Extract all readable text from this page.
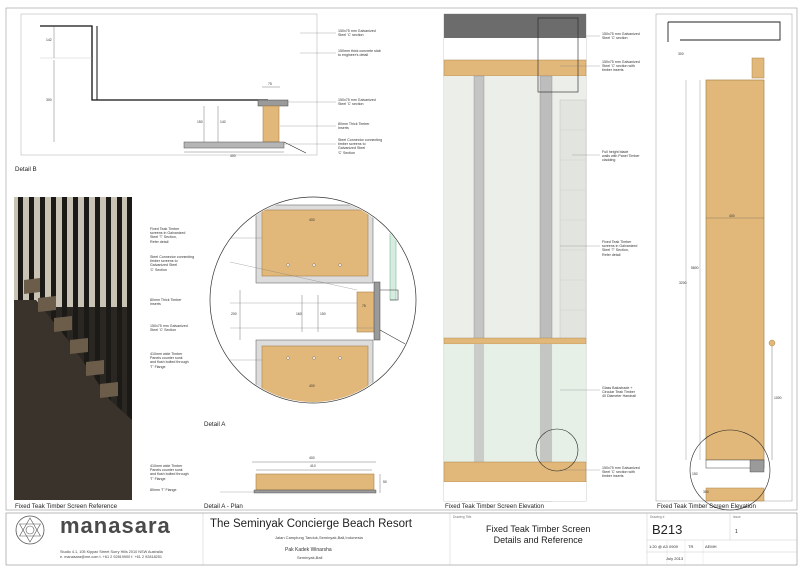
150x75 mm Galvanized
Steel 'C' section
150mm thick concrete slab
to engineer's detail
150x75 mm Galvanized
Steel 'C' section
80mm Thick Timber
Inserts
Steel Connector connecting
timber screens to
Galvanized Steel
'C' Section
142
300
75
150	140
400
Detail B
Fixed Teak Timber Screen Reference
Fixed Teak Timber
screens in Galvanized
Steel 'T' Section,
Refer detail
Steel Connector connecting
timber screens to
Galvanized Steel
'C' Section
80mm Thick Timber
Inserts
150x75 mm Galvanized
Steel 'C' Section
410mm wide Timber
Panels counter sunk
and flush bolted through
'T' Flange
400
200	160	150
75
400
Detail A
410mm wide Timber
Panels counter sunk
and flush bolted through
'T' Flange
80mm 'T' Flange
400
410
50
Detail A - Plan
150x75 mm Galvanized
Steel 'C' section
150x75 mm Galvanized
Steel 'C' section with
timber inserts
Full height blade
walls with Panel Timber
cladding
Fixed Teak Timber
screens in Galvanized
Steel 'T' Section,
Refer detail
Glass Balustrade +
Circular Teak Timber
40 Diameter Handrail
150x75 mm Galvanized
Steel 'C' section with
timber inserts
Fixed Teak Timber Screen Elevation
300
400
5800
3200
1000
150
300
Fixed Teak Timber Screen Elevation
manasara
Studio 4.1, 105 Kippax Street Surry Hills 2010 NSW Australia
e. manasara@me.com t. +61 2 92819900 f. +61 2 92818251
The Seminyak Concierge Beach Resort
Jalan Camplung Tanduk,Seminyak,Bali,Indonesia
Pak Kadek Winarsha
Seminyak,Bali
Drawing Title
Fixed Teak Timber Screen
Details and Reference
Drawing #
B213
Issue
1
1:20 @ A3 0909	TR	AEMH
July 2013
